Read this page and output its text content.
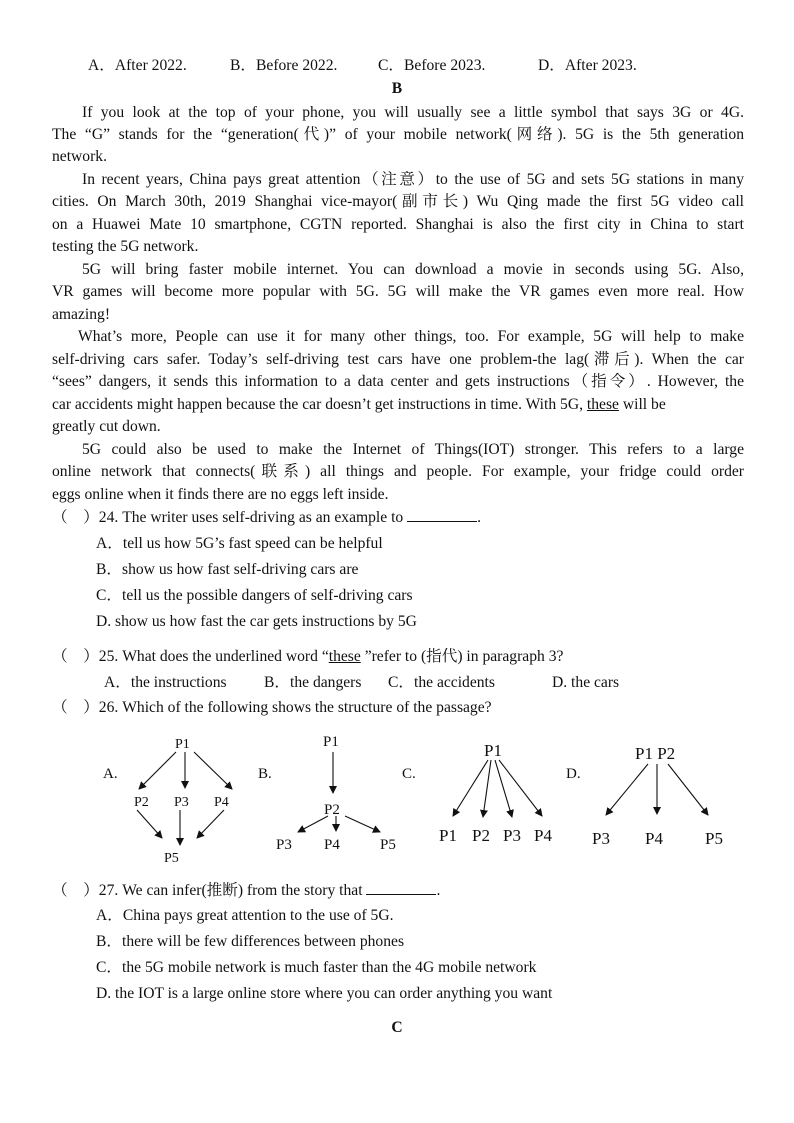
A．After 2022.	B．Before 2022.	C．Before 2023.	D．After 2023.
B
If you look at the top of your phone, you will usually see a little symbol that says 3G or 4G.
The “G” stands for the “generation(代)” of your mobile network(网络). 5G is the 5th generation
network.
In recent years, China pays great attention（注意）to the use of 5G and sets 5G stations in many
cities. On March 30th, 2019 Shanghai vice-mayor(副市长) Wu Qing made the first 5G video call
on a Huawei Mate 10 smartphone, CGTN reported. Shanghai is also the first city in China to start
testing the 5G network.
5G will bring faster mobile internet. You can download a movie in seconds using 5G. Also,
VR games will become more popular with 5G. 5G will make the VR games even more real. How
amazing!
What’s more, People can use it for many other things, too. For example, 5G will help to make
self-driving cars safer. Today’s self-driving test cars have one problem-the lag(滞后). When the car
“sees” dangers, it sends this information to a data center and gets instructions（指令）. However, the
car accidents might happen because the car doesn’t get instructions in time. With 5G, these will be
greatly cut down.
5G could also be used to make the Internet of Things(IOT) stronger. This refers to a large
online network that connects(联系) all things and people. For example, your fridge could order
eggs online when it finds there are no eggs left inside.
（　）24. The writer uses self-driving as an example to	.
A．tell us how 5G’s fast speed can be helpful
B．show us how fast self-driving cars are
C．tell us the possible dangers of self-driving cars
D. show us how fast the car gets instructions by 5G
（　）25. What does the underlined word “these ”refer to (指代) in paragraph 3?
A．the instructions B．the dangers C．the accidents	D. the cars
（　）26. Which of the following shows the structure of the passage?
A.	B.	C.	D.
P1
P2 P3 P4
P5
P1
P2
P3 P4	P5
P1
P1 P2 P3 P4
P1 P2
P3 P4 P5
（　）27. We can infer(推断) from the story that	.
A．China pays great attention to the use of 5G.
B．there will be few differences between phones
C．the 5G mobile network is much faster than the 4G mobile network
D. the IOT is a large online store where you can order anything you want
C
